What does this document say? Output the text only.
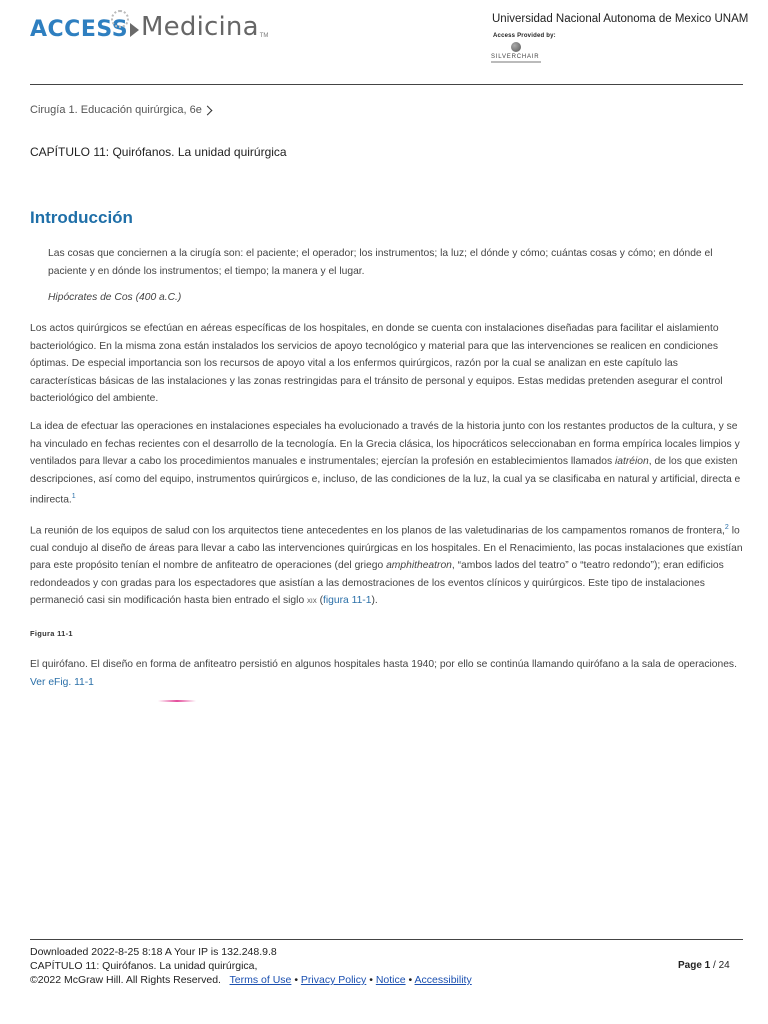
ACCESS Medicina TM
Universidad Nacional Autonoma de Mexico UNAM
Access Provided by:
SILVERCHAIR
Cirugía 1. Educación quirúrgica, 6e
CAPÍTULO 11: Quirófanos. La unidad quirúrgica
Introducción

Las cosas que conciernen a la cirugía son: el paciente; el operador; los instrumentos; la luz; el dónde y cómo; cuántas cosas y cómo; en dónde el paciente y en dónde los instrumentos; el tiempo; la manera y el lugar.

Hipócrates de Cos (400 a.C.)

Los actos quirúrgicos se efectúan en aéreas específicas de los hospitales, en donde se cuenta con instalaciones diseñadas para facilitar el aislamiento bacteriológico. En la misma zona están instalados los servicios de apoyo tecnológico y material para que las intervenciones se realicen en condiciones óptimas. De especial importancia son los recursos de apoyo vital a los enfermos quirúrgicos, razón por la cual se analizan en este capítulo las características básicas de las instalaciones y las zonas restringidas para el tránsito de personal y equipos. Estas medidas pretenden asegurar el control bacteriológico del ambiente.

La idea de efectuar las operaciones en instalaciones especiales ha evolucionado a través de la historia junto con los restantes productos de la cultura, y se ha vinculado en fechas recientes con el desarrollo de la tecnología. En la Grecia clásica, los hipocráticos seleccionaban en forma empírica locales limpios y ventilados para llevar a cabo los procedimientos manuales e instrumentales; ejercían la profesión en establecimientos llamados iatréion, de los que existen descripciones, así como del equipo, instrumentos quirúrgicos e, incluso, de las condiciones de la luz, la cual ya se clasificaba en natural y artificial, directa e indirecta.$^1$

La reunión de los equipos de salud con los arquitectos tiene antecedentes en los planos de las valetudinarias de los campamentos romanos de frontera,$^2$ lo cual condujo al diseño de áreas para llevar a cabo las intervenciones quirúrgicas en los hospitales. En el Renacimiento, las pocas instalaciones que existían para este propósito tenían el nombre de anfiteatro de operaciones (del griego amphitheatron, “ambos lados del teatro” o “teatro redondo”); eran edificios redondeados y con gradas para los espectadores que asistían a las demostraciones de los eventos clínicos y quirúrgicos. Este tipo de instalaciones permaneció casi sin modificación hasta bien entrado el siglo xix (figura 11-1).

Figura 11-1

El quirófano. El diseño en forma de anfiteatro persistió en algunos hospitales hasta 1940; por ello se continúa llamando quirófano a la sala de operaciones. Ver eFig. 11-1

Downloaded 2022-8-25 8:18 A Your IP is 132.248.9.8
CAPÍTULO 11: Quirófanos. La unidad quirúrgica,
©2022 McGraw Hill. All Rights Reserved. Terms of Use • Privacy Policy • Notice • Accessibility
Page 1 / 24
